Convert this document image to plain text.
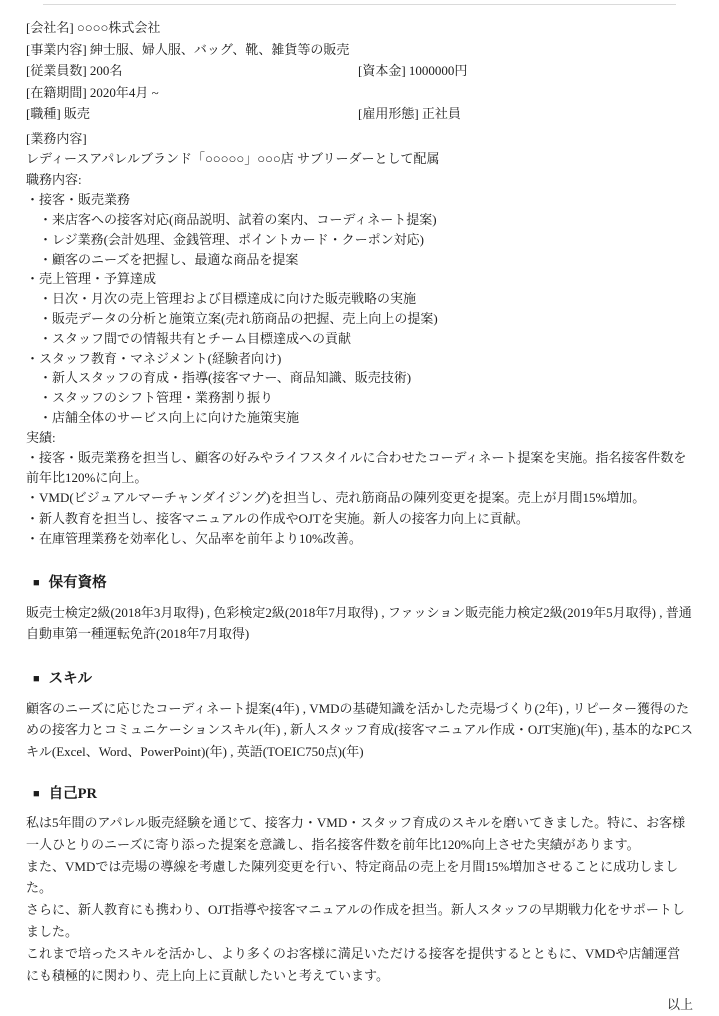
[会社名] ○○○○株式会社
[事業内容] 紳士服、婦人服、バッグ、靴、雑貨等の販売
[従業員数] 200名	[資本金] 1000000円
[在籍期間] 2020年4月 ~
[職種] 販売	[雇用形態] 正社員
[業務内容]
レディースアパレルブランド「○○○○○」○○○店 サブリーダーとして配属
職務内容:
・接客・販売業務
・来店客への接客対応(商品説明、試着の案内、コーディネート提案)
・レジ業務(会計処理、金銭管理、ポイントカード・クーポン対応)
・顧客のニーズを把握し、最適な商品を提案
・売上管理・予算達成
・日次・月次の売上管理および目標達成に向けた販売戦略の実施
・販売データの分析と施策立案(売れ筋商品の把握、売上向上の提案)
・スタッフ間での情報共有とチーム目標達成への貢献
・スタッフ教育・マネジメント(経験者向け)
・新人スタッフの育成・指導(接客マナー、商品知識、販売技術)
・スタッフのシフト管理・業務割り振り
・店舗全体のサービス向上に向けた施策実施
実績:
・接客・販売業務を担当し、顧客の好みやライフスタイルに合わせたコーディネート提案を実施。指名接客件数を前年比120%に向上。
・VMD(ビジュアルマーチャンダイジング)を担当し、売れ筋商品の陳列変更を提案。売上が月間15%増加。
・新人教育を担当し、接客マニュアルの作成やOJTを実施。新人の接客力向上に貢献。
・在庫管理業務を効率化し、欠品率を前年より10%改善。
■ 保有資格
販売士検定2級(2018年3月取得) , 色彩検定2級(2018年7月取得) , ファッション販売能力検定2級(2019年5月取得) , 普通自動車第一種運転免許(2018年7月取得)
■ スキル
顧客のニーズに応じたコーディネート提案(4年) , VMDの基礎知識を活かした売場づくり(2年) , リピーター獲得のための接客力とコミュニケーションスキル(年) , 新人スタッフ育成(接客マニュアル作成・OJT実施)(年) , 基本的なPCスキル(Excel、Word、PowerPoint)(年) , 英語(TOEIC750点)(年)
■ 自己PR
私は5年間のアパレル販売経験を通じて、接客力・VMD・スタッフ育成のスキルを磨いてきました。特に、お客様一人ひとりのニーズに寄り添った提案を意識し、指名接客件数を前年比120%向上させた実績があります。
また、VMDでは売場の導線を考慮した陳列変更を行い、特定商品の売上を月間15%増加させることに成功しました。
さらに、新人教育にも携わり、OJT指導や接客マニュアルの作成を担当。新人スタッフの早期戦力化をサポートしました。
これまで培ったスキルを活かし、より多くのお客様に満足いただける接客を提供するとともに、VMDや店舗運営にも積極的に関わり、売上向上に貢献したいと考えています。
以上
